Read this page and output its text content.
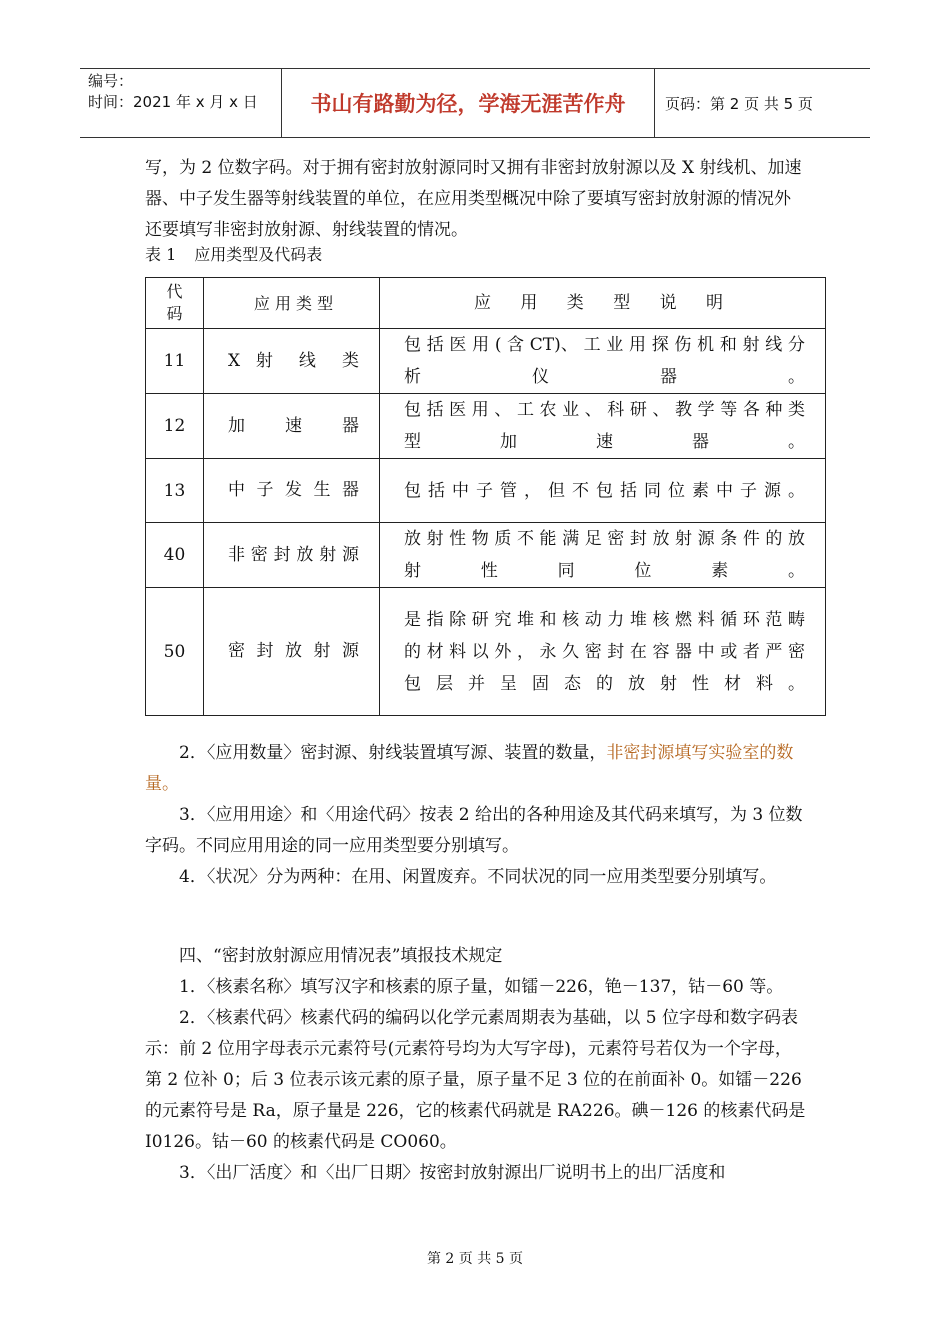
编号：
时间：2021 年 x 月 x 日	书山有路勤为径，学海无涯苦作舟	页码：第 2 页 共 5 页

写，为 2 位数字码。对于拥有密封放射源同时又拥有非密封放射源以及 X 射线机、加速器、中子发生器等射线装置的单位，在应用类型概况中除了要填写密封放射源的情况外还要填写非密封放射源、射线装置的情况。

表 1 应用类型及代码表
代码	应 用 类 型	应 用 类 型 说 明
11	X 射 线 类	包 括 医 用 ( 含 CT)、 工 业 用 探 伤 机 和 射 线 分 析 仪 器 。
12	加 速 器	包 括 医 用 、 工 农 业 、 科 研 、 教 学 等 各 种 类 型 加 速 器 。
13	中 子 发 生 器	包 括 中 子 管 ， 但 不 包 括 同 位 素 中 子 源 。
40	非 密 封 放 射 源	放 射 性 物 质 不 能 满 足 密 封 放 射 源 条 件 的 放 射 性 同 位 素 。
50	密 封 放 射 源	是 指 除 研 究 堆 和 核 动 力 堆 核 燃 料 循 环 范 畴 的 材 料 以 外 ， 永 久 密 封 在 容 器 中 或 者 严 密 包 层 并 呈 固 态 的 放 射 性 材 料 。

2．〈应用数量〉密封源、射线装置填写源、装置的数量，非密封源填写实验室的数量。

3．〈应用用途〉和〈用途代码〉按表 2 给出的各种用途及其代码来填写，为 3 位数字码。不同应用用途的同一应用类型要分别填写。

4．〈状况〉分为两种：在用、闲置废弃。不同状况的同一应用类型要分别填写。

四、“密封放射源应用情况表”填报技术规定

1．〈核素名称〉填写汉字和核素的原子量，如镭－226，铯－137，钴－60 等。

2．〈核素代码〉核素代码的编码以化学元素周期表为基础，以 5 位字母和数字码表示：前 2 位用字母表示元素符号(元素符号均为大写字母)，元素符号若仅为一个字母，第 2 位补 0；后 3 位表示该元素的原子量，原子量不足 3 位的在前面补 0。如镭－226 的元素符号是 Ra，原子量是 226，它的核素代码就是 RA226。碘－126 的核素代码是 I0126。钴－60 的核素代码是 CO060。

3．〈出厂活度〉和〈出厂日期〉按密封放射源出厂说明书上的出厂活度和

第 2 页 共 5 页
